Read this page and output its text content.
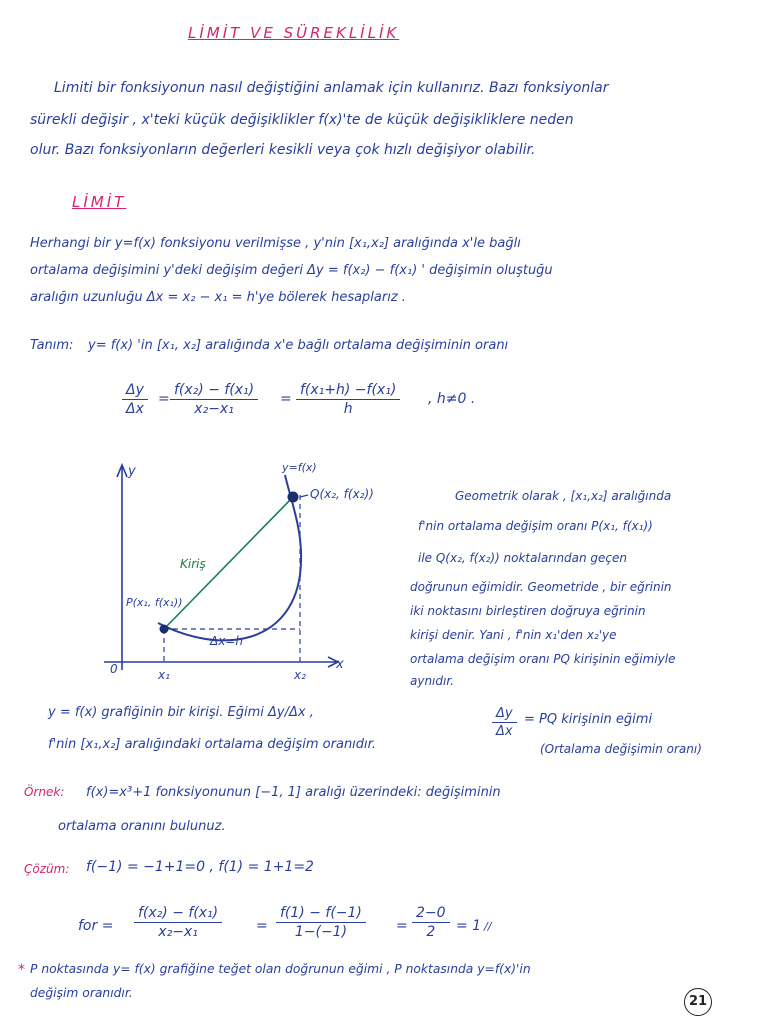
LİMİT VE SÜREKLİLİK
Limiti bir fonksiyonun nasıl değiştiğini anlamak için kullanırız. Bazı fonksiyonlar
sürekli değişir , x'teki küçük değişiklikler f(x)'te de küçük değişikliklere neden
olur. Bazı fonksiyonların değerleri kesikli veya çok hızlı değişiyor olabilir.
LİMİT
Herhangi bir y=f(x) fonksiyonu verilmişse , y'nin [x₁,x₂] aralığında x'le bağlı
ortalama değişimini y'deki değişim değeri Δy = f(x₂) − f(x₁) ' değişimin oluştuğu
aralığın uzunluğu Δx = x₂ − x₁ = h'ye bölerek hesaplarız .
Tanım: y= f(x) 'in [x₁, x₂] aralığında x'e bağlı ortalama değişiminin oranı
$\frac{\Delta y}{\Delta x} = \frac{\text{f(x₂) − f(x₁)}}{\text{x₂−x₁}} = \frac{\text{f(x₁+h) −f(x₁)}}{h}$ , h≠0 .
y
x
0
y=f(x)
Q(x₂, f(x₂))
Kiriş
P(x₁, f(x₁))
Δx=h
x₁	x₂
Geometrik olarak , [x₁,x₂] aralığında
f'nin ortalama değişim oranı P(x₁, f(x₁))
ile Q(x₂, f(x₂)) noktalarından geçen
doğrunun eğimidir. Geometride , bir eğrinin
iki noktasını birleştiren doğruya eğrinin
kirişi denir. Yani , f'nin x₁'den x₂'ye
ortalama değişim oranı PQ kirişinin eğimiyle
aynıdır.
y = f(x) grafiğinin bir kirişi. Eğimi Δy/Δx ,
f'nin [x₁,x₂] aralığındaki ortalama değişim oranıdır.
$\frac{\Delta y}{\Delta x}$ = PQ kirişinin eğimi
(Ortalama değişimin oranı)
Örnek: f(x)=x³+1 fonksiyonunun [−1, 1] aralığı üzerindeki: değişiminin
ortalama oranını bulunuz.
Çözüm: f(−1) = −1+1=0 , f(1) = 1+1=2
for = $\frac{\text{f(x₂) − f(x₁)}}{\text{x₂−x₁}} = \frac{f(1) - f(-1)}{1-(-1)} = \frac{2-0}{2} = 1$ //
* P noktasında y= f(x) grafiğine teğet olan doğrunun eğimi , P noktasında y=f(x)'in
değişim oranıdır.
21
